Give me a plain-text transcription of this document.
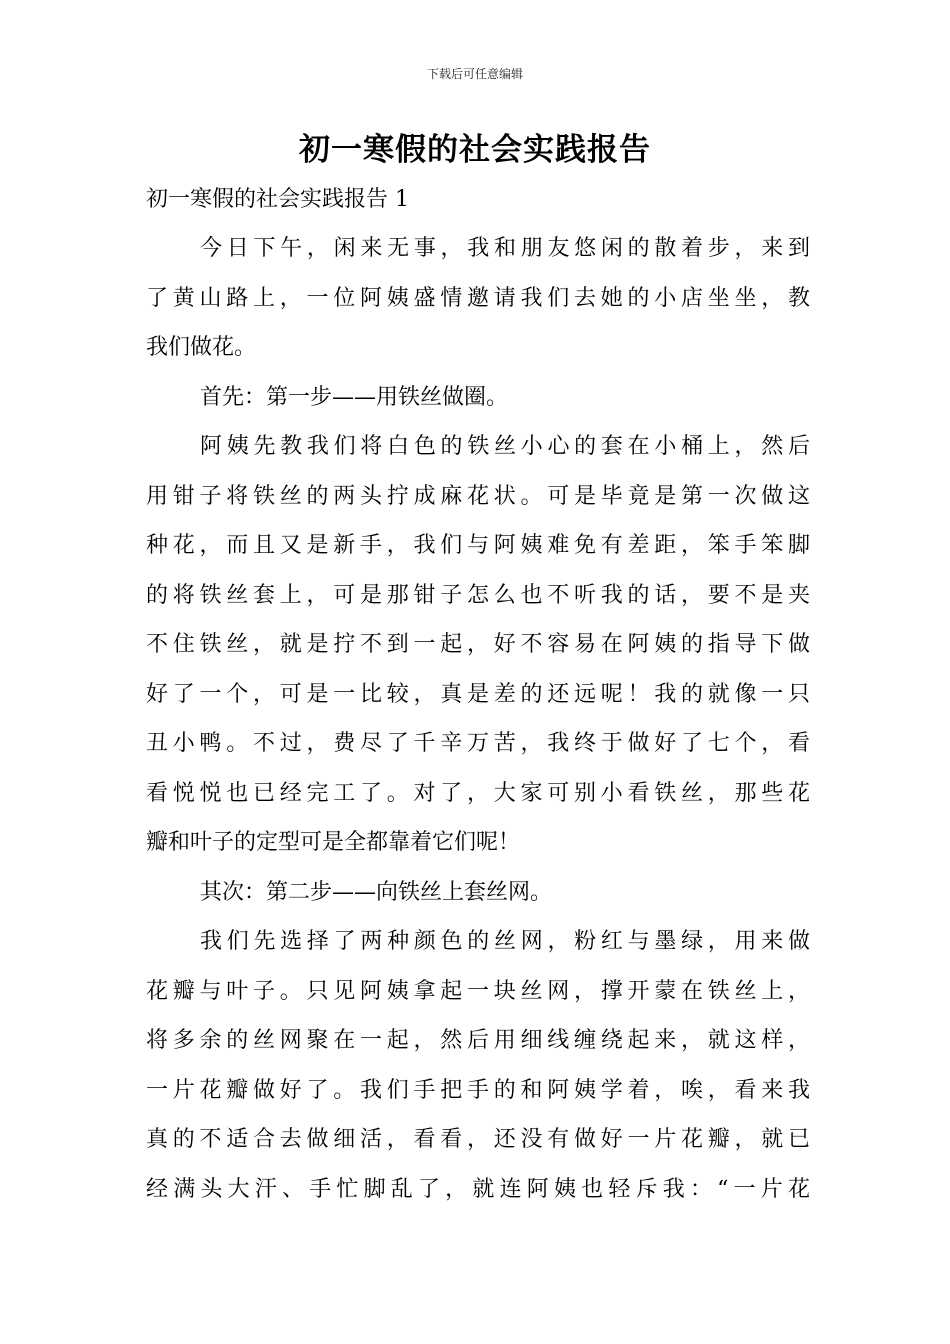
下载后可任意编辑
初一寒假的社会实践报告

初一寒假的社会实践报告 1

今日下午，闲来无事，我和朋友悠闲的散着步，来到
了黄山路上，一位阿姨盛情邀请我们去她的小店坐坐，教
我们做花。
首先：第一步——用铁丝做圈。
阿姨先教我们将白色的铁丝小心的套在小桶上，然后
用钳子将铁丝的两头拧成麻花状。可是毕竟是第一次做这
种花，而且又是新手，我们与阿姨难免有差距，笨手笨脚
的将铁丝套上，可是那钳子怎么也不听我的话，要不是夹
不住铁丝，就是拧不到一起，好不容易在阿姨的指导下做
好了一个，可是一比较，真是差的还远呢！我的就像一只
丑小鸭。不过，费尽了千辛万苦，我终于做好了七个，看
看悦悦也已经完工了。对了，大家可别小看铁丝，那些花
瓣和叶子的定型可是全都靠着它们呢！
其次：第二步——向铁丝上套丝网。
我们先选择了两种颜色的丝网，粉红与墨绿，用来做
花瓣与叶子。只见阿姨拿起一块丝网，撑开蒙在铁丝上，
将多余的丝网聚在一起，然后用细线缠绕起来，就这样，
一片花瓣做好了。我们手把手的和阿姨学着，唉，看来我
真的不适合去做细活，看看，还没有做好一片花瓣，就已
经满头大汗、手忙脚乱了，就连阿姨也轻斥我：“一片花
